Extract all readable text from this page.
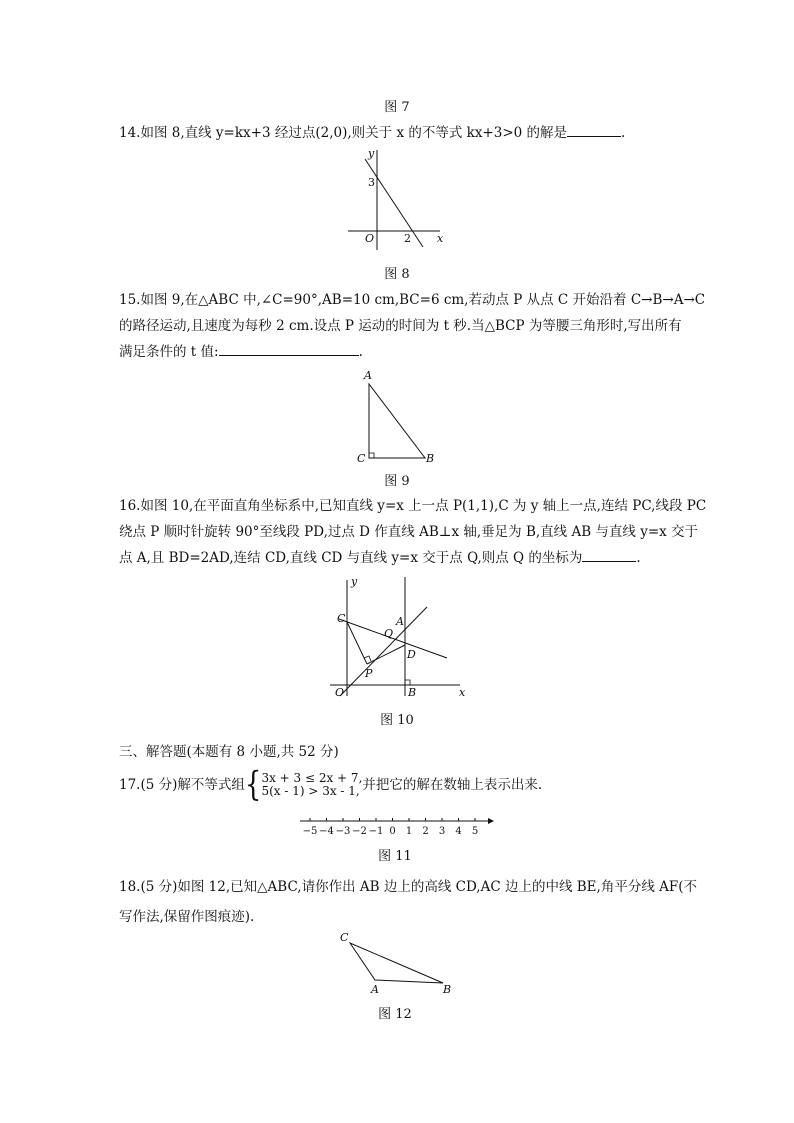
图 7
14.如图 8,直线 y=kx+3 经过点(2,0),则关于 x 的不等式 kx+3>0 的解是	.
y
x
O
3
2
图 8
15.如图 9,在△ABC 中,∠C=90°,AB=10 cm,BC=6 cm,若动点 P 从点 C 开始沿着 C→B→A→C
的路径运动,且速度为每秒 2 cm.设点 P 运动的时间为 t 秒.当△BCP 为等腰三角形时,写出所有
满足条件的 t 值:	.
A
C	B
图 9
16.如图 10,在平面直角坐标系中,已知直线 y=x 上一点 P(1,1),C 为 y 轴上一点,连结 PC,线段 PC
绕点 P 顺时针旋转 90°至线段 PD,过点 D 作直线 AB⊥x 轴,垂足为 B,直线 AB 与直线 y=x 交于
点 A,且 BD=2AD,连结 CD,直线 CD 与直线 y=x 交于点 Q,则点 Q 的坐标为	.
y
x
O	B
C
Q
A
D
P
图 10
三、解答题(本题有 8 小题,共 52 分)
17.(5 分)解不等式组{ 3x + 3 ≤ 2x + 7,
5(x - 1) > 3x - 1, 并把它的解在数轴上表示出来.
−5 −4 −3 −2 −1 0 1 2 3 4 5
图 11
18.(5 分)如图 12,已知△ABC,请你作出 AB 边上的高线 CD,AC 边上的中线 BE,角平分线 AF(不
写作法,保留作图痕迹).
C
A	B
图 12
